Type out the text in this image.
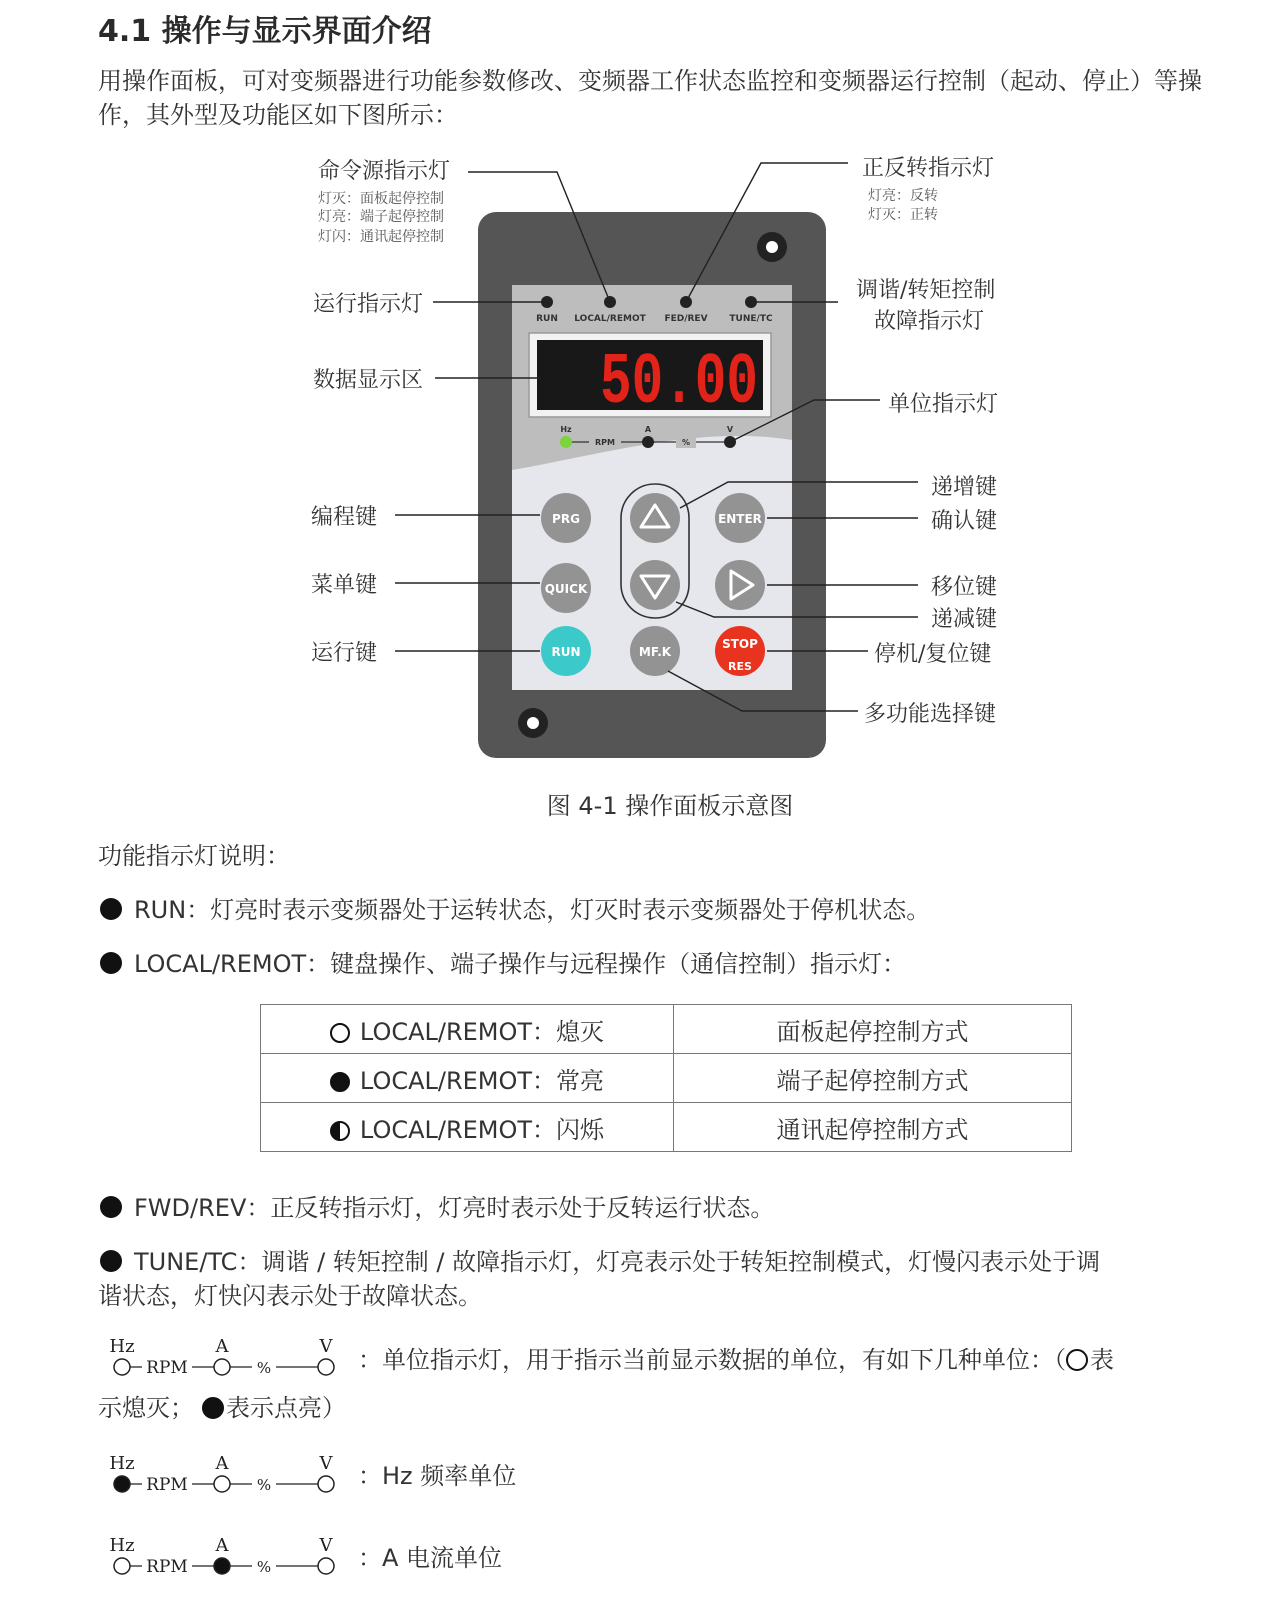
4.1 操作与显示界面介绍
用操作面板，可对变频器进行功能参数修改、变频器工作状态监控和变频器运行控制（起动、停止）等操作，其外型及功能区如下图所示：
RUN LOCAL/REMOT FED/REV TUNE/TC
50.00
Hz
RPM
A
%
V
PRG
QUICK
RUN
ENTER
MF.K
STOP
RES
命令源指示灯
灯灭：面板起停控制
灯亮：端子起停控制
灯闪：通讯起停控制
正反转指示灯
灯亮：反转
灯灭：正转
运行指示灯
调谐/转矩控制
故障指示灯
数据显示区
单位指示灯
递增键
确认键
编程键
菜单键	移位键
递减键
运行键	停机/复位键
多功能选择键
图 4-1 操作面板示意图
功能指示灯说明：
RUN：灯亮时表示变频器处于运转状态，灯灭时表示变频器处于停机状态。
LOCAL/REMOT：键盘操作、端子操作与远程操作（通信控制）指示灯：
LOCAL/REMOT：熄灭	面板起停控制方式
LOCAL/REMOT：常亮	端子起停控制方式
LOCAL/REMOT：闪烁	通讯起停控制方式
FWD/REV：正反转指示灯，灯亮时表示处于反转运行状态。
TUNE/TC：调谐 / 转矩控制 / 故障指示灯，灯亮表示处于转矩控制模式，灯慢闪表示处于调
谐状态，灯快闪表示处于故障状态。
Hz
RPM
A
%
V ：单位指示灯，用于指示当前显示数据的单位，有如下几种单位：（ 表
示熄灭； 表示点亮）
Hz
RPM
A
%
V ：Hz 频率单位
Hz
RPM
A
%
V ：A 电流单位
